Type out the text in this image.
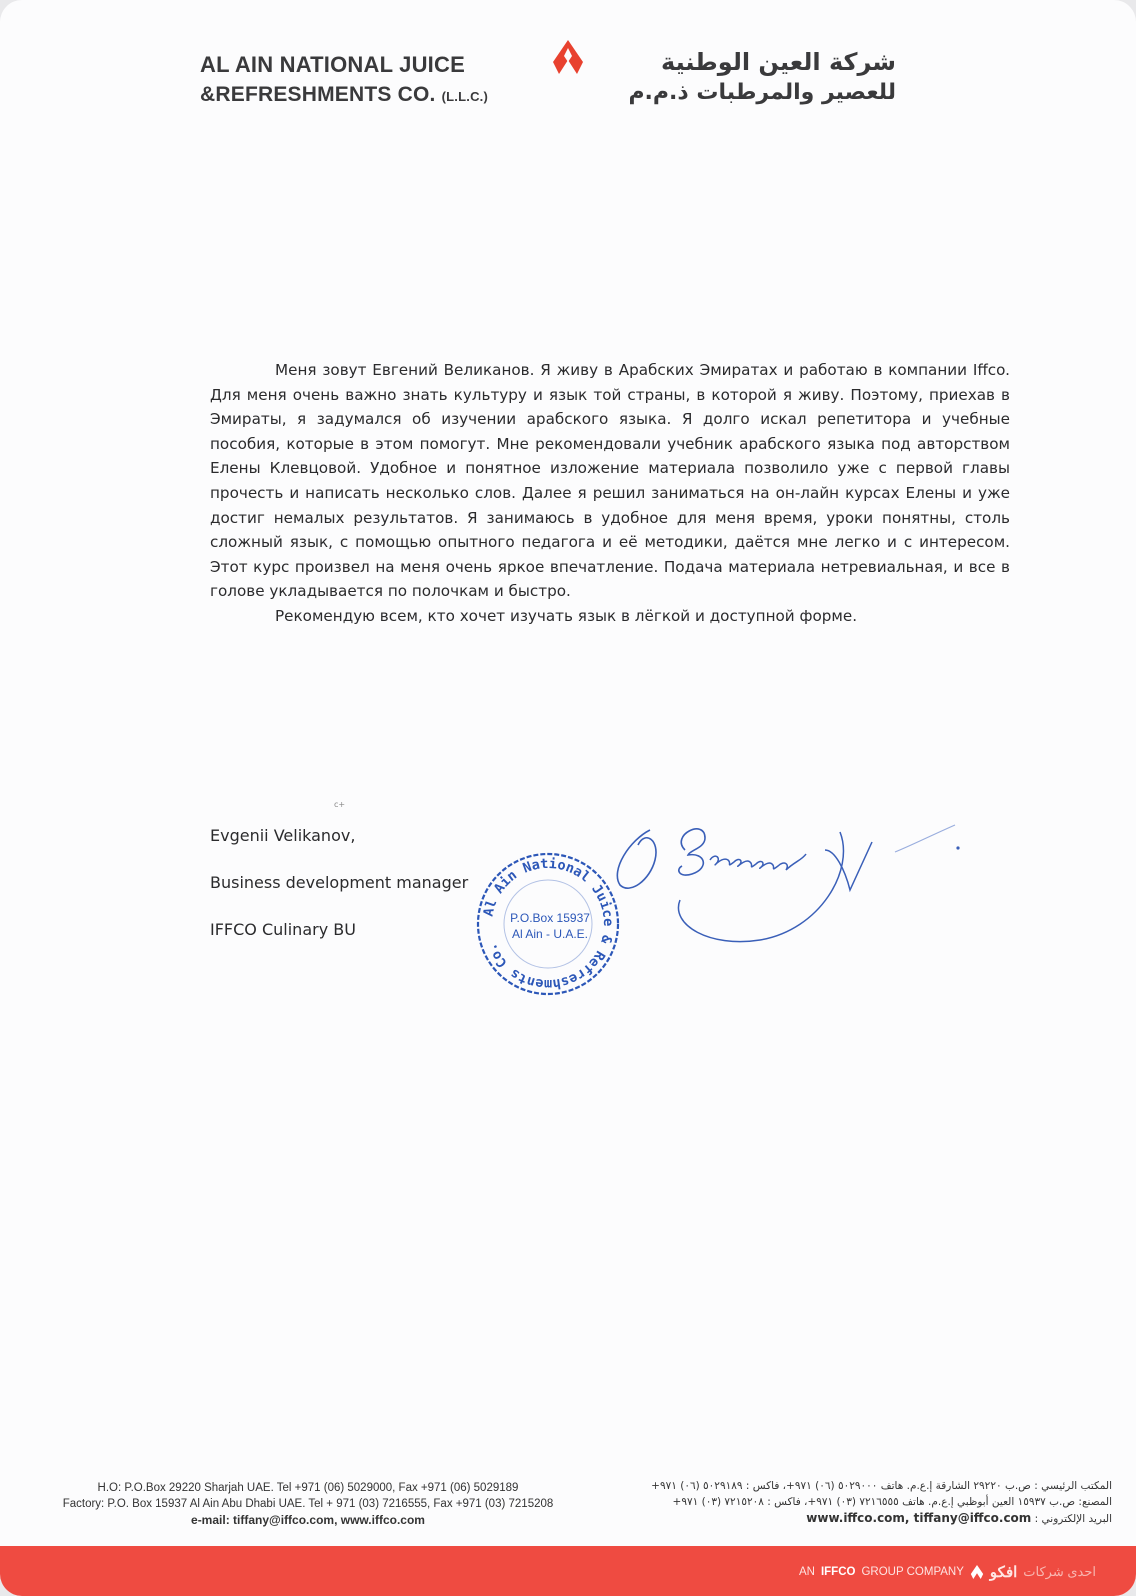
AL AIN NATIONAL JUICE
&REFRESHMENTS CO. (L.L.C.)
شركة العين الوطنية
للعصير والمرطبات ذ.م.م

Меня зовут Евгений Великанов. Я живу в Арабских Эмиратах и работаю в компании Iffco. Для меня очень важно знать культуру и язык той страны, в которой я живу. Поэтому, приехав в Эмираты, я задумался об изучении арабского языка. Я долго искал репетитора и учебные пособия, которые в этом помогут. Мне рекомендовали учебник арабского языка под авторством Елены Клевцовой. Удобное и понятное изложение материала позволило уже с первой главы прочесть и написать несколько слов. Далее я решил заниматься на он-лайн курсах Елены и уже достиг немалых результатов. Я занимаюсь в удобное для меня время, уроки понятны, столь сложный язык, с помощью опытного педагога и её методики, даётся мне легко и с интересом. Этот курс произвел на меня очень яркое впечатление. Подача материала нетревиальная, и все в голове укладывается по полочкам и быстро.

Рекомендую всем, кто хочет изучать язык в лёгкой и доступной форме.

c+
Evgenii Velikanov,
Business development manager
IFFCO Culinary BU
Al Ain National Juice & Refreshments Co.
P.O.Box 15937
Al Ain - U.A.E.
H.O: P.O.Box 29220 Sharjah UAE. Tel +971 (06) 5029000, Fax +971 (06) 5029189
Factory: P.O. Box 15937 Al Ain Abu Dhabi UAE. Tel + 971 (03) 7216555, Fax +971 (03) 7215208
e-mail: tiffany@iffco.com, www.iffco.com
المكتب الرئيسي : ص.ب ٢٩٢٢٠ الشارقة إ.ع.م. هاتف ٥٠٢٩٠٠٠ (٠٦) ٩٧١+، فاكس : ٥٠٢٩١٨٩ (٠٦) ٩٧١+
المصنع: ص.ب ١٥٩٣٧ العين أبوظبي إ.ع.م. هاتف ٧٢١٦٥٥٥ (٠٣) ٩٧١+، فاكس : ٧٢١٥٢٠٨ (٠٣) ٩٧١+
البريد الإلكتروني : www.iffco.com, tiffany@iffco.com
AN IFFCO GROUP COMPANY افكو احدى شركات
